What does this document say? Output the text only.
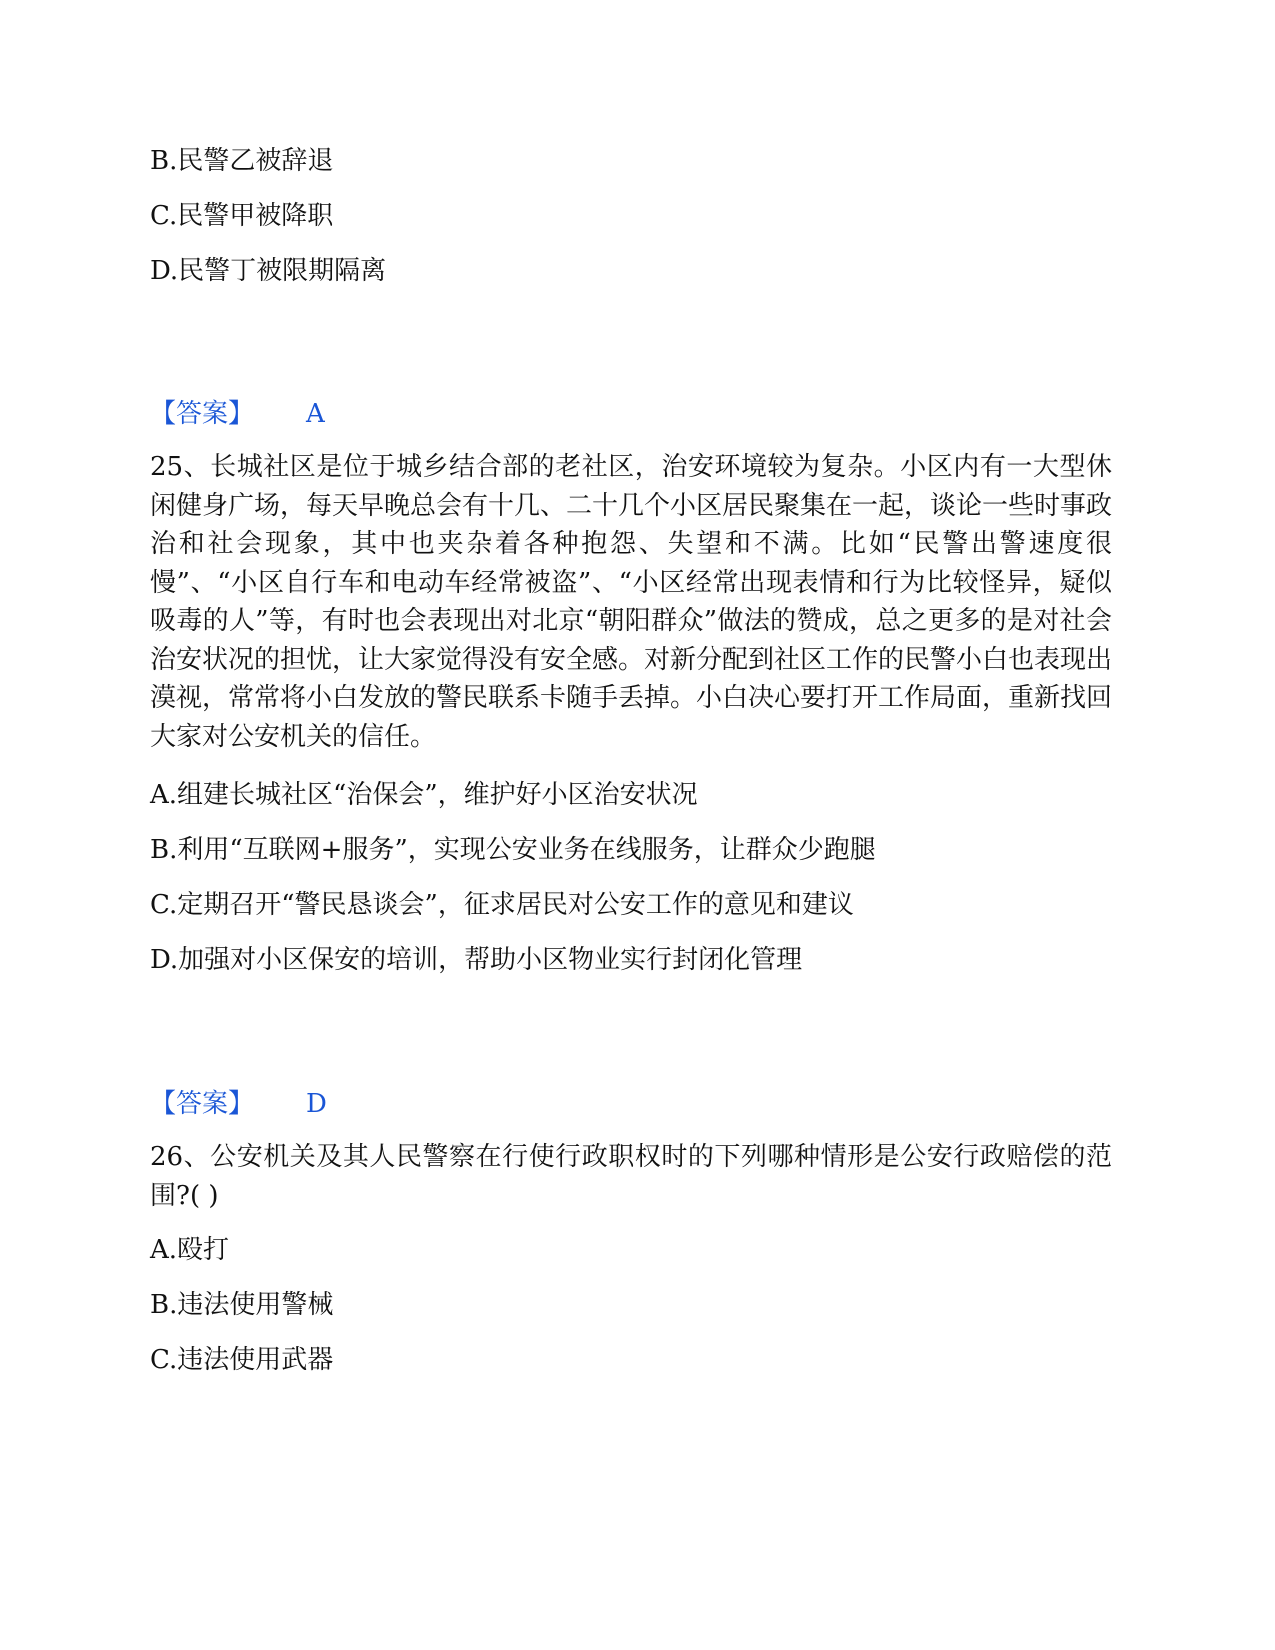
B.民警乙被辞退
C.民警甲被降职
D.民警丁被限期隔离
【答案】 A
25、长城社区是位于城乡结合部的老社区，治安环境较为复杂。小区内有一大型休闲健身广场，每天早晚总会有十几、二十几个小区居民聚集在一起，谈论一些时事政治和社会现象，其中也夹杂着各种抱怨、失望和不满。比如“民警出警速度很慢”、“小区自行车和电动车经常被盗”、“小区经常出现表情和行为比较怪异，疑似吸毒的人”等，有时也会表现出对北京“朝阳群众”做法的赞成，总之更多的是对社会治安状况的担忧，让大家觉得没有安全感。对新分配到社区工作的民警小白也表现出漠视，常常将小白发放的警民联系卡随手丢掉。小白决心要打开工作局面，重新找回大家对公安机关的信任。
A.组建长城社区“治保会”，维护好小区治安状况
B.利用“互联网+服务”，实现公安业务在线服务，让群众少跑腿
C.定期召开“警民恳谈会”，征求居民对公安工作的意见和建议
D.加强对小区保安的培训，帮助小区物业实行封闭化管理
【答案】 D
26、公安机关及其人民警察在行使行政职权时的下列哪种情形是公安行政赔偿的范围?( )
A.殴打
B.违法使用警械
C.违法使用武器
